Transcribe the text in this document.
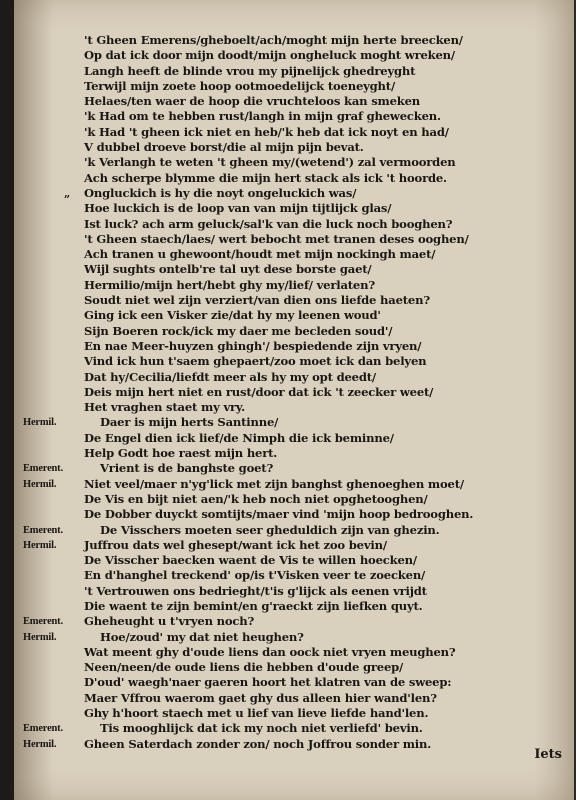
't Gheen Emerens/gheboelt/ach/moght mijn herte breecken/
Op dat ick door mijn doodt/mijn ongheluck moght wreken/
Langh heeft de blinde vrou my pijnelijck ghedreyght
Terwijl mijn zoete hoop ootmoedelijck toeneyght/
Helaes/ten waer de hoop die vruchteloos kan smeken
'k Had om te hebben rust/langh in mijn graf ghewecken.
'k Had 't gheen ick niet en heb/'k heb dat ick noyt en had/
V dubbel droeve borst/die al mijn pijn bevat.
'k Verlangh te weten 't gheen my/(wetend') zal vermoorden
Ach scherpe blymme die mijn hert stack als ick 't hoorde.
„ Ongluckich is hy die noyt ongeluckich was/
Hoe luckich is de loop van van mijn tijtlijck glas/
Ist luck? ach arm geluck/sal'k van die luck noch booghen?
't Gheen staech/laes/ wert bebocht met tranen deses ooghen/
Ach tranen u ghewoont/houdt met mijn nockingh maet/
Wijl sughts ontelb're tal uyt dese borste gaet/
Hermilio/mijn hert/hebt ghy my/lief/ verlaten?
Soudt niet wel zijn verziert/van dien ons liefde haeten?
Ging ick een Visker zie/dat hy my leenen woud'
Sijn Boeren rock/ick my daer me becleden soud'/
En nae Meer-huyzen ghingh'/ bespiedende zijn vryen/
Vind ick hun t'saem ghepaert/zoo moet ick dan belyen
Dat hy/Cecilia/liefdt meer als hy my opt deedt/
Deis mijn hert niet en rust/door dat ick 't zeecker weet/
Het vraghen staet my vry.
Hermil.	Daer is mijn herts Santinne/
De Engel dien ick lief/de Nimph die ick beminne/
Help Godt hoe raest mijn hert.
Emerent.	Vrient is de banghste goet?
Hermil. Niet veel/maer n'yg'lick met zijn banghst ghenoeghen moet/
De Vis en bijt niet aen/'k heb noch niet opghetooghen/
De Dobber duyckt somtijts/maer vind 'mijn hoop bedrooghen.
Emerent.	De Visschers moeten seer gheduldich zijn van ghezin.
Hermil. Juffrou dats wel ghesept/want ick het zoo bevin/
De Visscher baecken waent de Vis te willen hoecken/
En d'hanghel treckend' op/is t'Visken veer te zoecken/
't Vertrouwen ons bedrieght/t'is g'lijck als eenen vrijdt
Die waent te zijn bemint/en g'raeckt zijn liefken quyt.
Emerent. Gheheught u t'vryen noch?
Hermil.	Hoe/zoud' my dat niet heughen?
Wat meent ghy d'oude liens dan oock niet vryen meughen?
Neen/neen/de oude liens die hebben d'oude greep/
D'oud' waegh'naer gaeren hoort het klatren van de sweep:
Maer Vffrou waerom gaet ghy dus alleen hier wand'len?
Ghy h'hoort staech met u lief van lieve liefde hand'len.
Emerent.	Tis mooghlijck dat ick my noch niet verliefd' bevin.
Hermil. Gheen Saterdach zonder zon/ noch Joffrou sonder min.
Iets
